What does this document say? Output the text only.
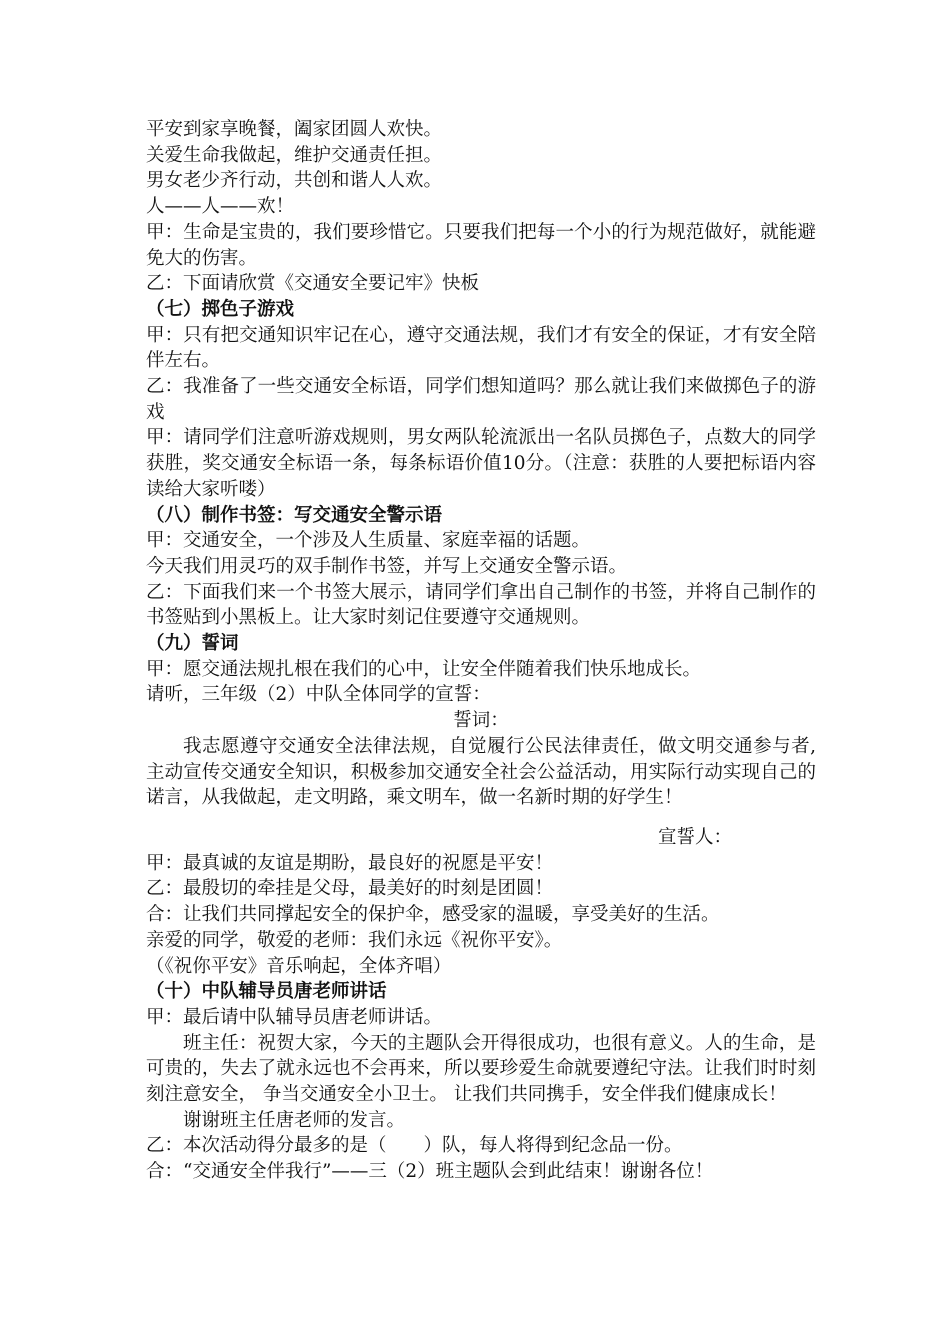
平安到家享晚餐，阖家团圆人欢快。

关爱生命我做起，维护交通责任担。

男女老少齐行动，共创和谐人人欢。

人——人——欢！

甲：生命是宝贵的，我们要珍惜它。只要我们把每一个小的行为规范做好，就能避免大的伤害。

乙：下面请欣赏《交通安全要记牢》快板

（七）掷色子游戏

甲：只有把交通知识牢记在心，遵守交通法规，我们才有安全的保证，才有安全陪伴左右。

乙：我准备了一些交通安全标语，同学们想知道吗？那么就让我们来做掷色子的游戏

甲：请同学们注意听游戏规则，男女两队轮流派出一名队员掷色子，点数大的同学获胜，奖交通安全标语一条，每条标语价值10分。（注意：获胜的人要把标语内容读给大家听喽）

（八）制作书签：写交通安全警示语

甲：交通安全，一个涉及人生质量、家庭幸福的话题。

今天我们用灵巧的双手制作书签，并写上交通安全警示语。

乙：下面我们来一个书签大展示，请同学们拿出自己制作的书签，并将自己制作的书签贴到小黑板上。让大家时刻记住要遵守交通规则。

（九）誓词

甲：愿交通法规扎根在我们的心中，让安全伴随着我们快乐地成长。

请听，三年级（2）中队全体同学的宣誓：

誓词：

我志愿遵守交通安全法律法规，自觉履行公民法律责任，做文明交通参与者,主动宣传交通安全知识，积极参加交通安全社会公益活动，用实际行动实现自己的诺言，从我做起，走文明路，乘文明车，做一名新时期的好学生！

宣誓人：

甲：最真诚的友谊是期盼，最良好的祝愿是平安！

乙：最殷切的牵挂是父母，最美好的时刻是团圆！

合：让我们共同撑起安全的保护伞，感受家的温暖，享受美好的生活。

亲爱的同学，敬爱的老师：我们永远《祝你平安》。

（《祝你平安》音乐响起，全体齐唱）

（十）中队辅导员唐老师讲话

甲：最后请中队辅导员唐老师讲话。

班主任：祝贺大家，今天的主题队会开得很成功，也很有意义。人的生命，是可贵的，失去了就永远也不会再来，所以要珍爱生命就要遵纪守法。让我们时时刻刻注意安全， 争当交通安全小卫士。 让我们共同携手，安全伴我们健康成长！

谢谢班主任唐老师的发言。

乙：本次活动得分最多的是（　　）队，每人将得到纪念品一份。

合：“交通安全伴我行”——三（2）班主题队会到此结束！谢谢各位！
